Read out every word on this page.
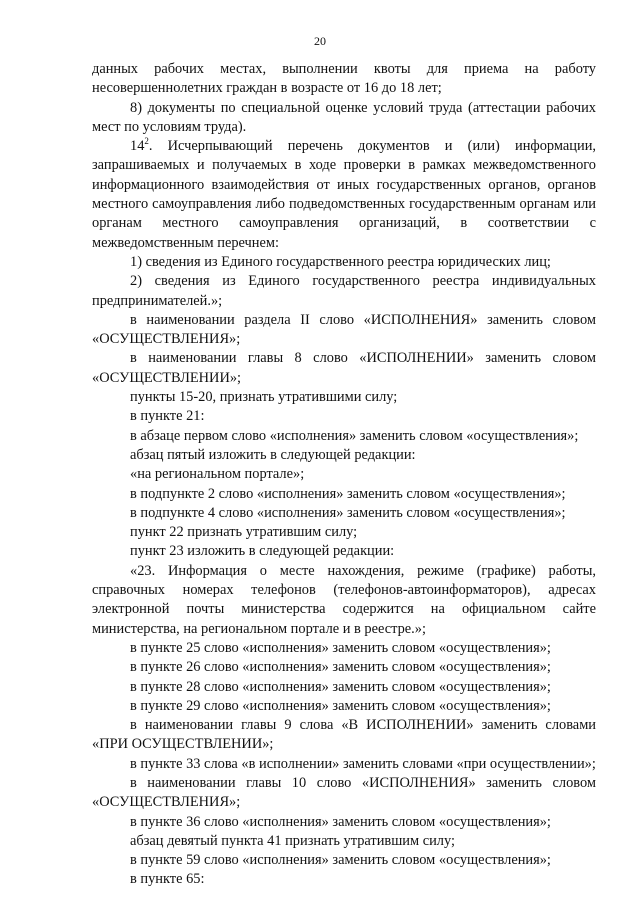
20

данных рабочих местах, выполнении квоты для приема на работу

несовершеннолетних граждан в возрасте от 16 до 18 лет;

8) документы по специальной оценке условий труда (аттестации рабочих мест по условиям труда).

$14^2$. Исчерпывающий перечень документов и (или) информации, запрашиваемых и получаемых в ходе проверки в рамках межведомственного информационного взаимодействия от иных государственных органов, органов местного самоуправления либо подведомственных государственным органам или органам местного самоуправления организаций, в соответствии с межведомственным перечнем:

1) сведения из Единого государственного реестра юридических лиц;

2) сведения из Единого государственного реестра индивидуальных предпринимателей.»;

в наименовании раздела II слово «ИСПОЛНЕНИЯ» заменить словом «ОСУЩЕСТВЛЕНИЯ»;

в наименовании главы 8 слово «ИСПОЛНЕНИИ» заменить словом «ОСУЩЕСТВЛЕНИИ»;

пункты 15-20, признать утратившими силу;

в пункте 21:

в абзаце первом слово «исполнения» заменить словом «осуществления»;

абзац пятый изложить в следующей редакции:

«на региональном портале»;

в подпункте 2 слово «исполнения» заменить словом «осуществления»;

в подпункте 4 слово «исполнения» заменить словом «осуществления»;

пункт 22 признать утратившим силу;

пункт 23 изложить в следующей редакции:

«23. Информация о месте нахождения, режиме (графике) работы, справочных номерах телефонов (телефонов-автоинформаторов), адресах электронной почты министерства содержится на официальном сайте министерства, на региональном портале и в реестре.»;

в пункте 25 слово «исполнения» заменить словом «осуществления»;

в пункте 26 слово «исполнения» заменить словом «осуществления»;

в пункте 28 слово «исполнения» заменить словом «осуществления»;

в пункте 29 слово «исполнения» заменить словом «осуществления»;

в наименовании главы 9 слова «В ИСПОЛНЕНИИ» заменить словами «ПРИ ОСУЩЕСТВЛЕНИИ»;

в пункте 33 слова «в исполнении» заменить словами «при осуществлении»;

в наименовании главы 10 слово «ИСПОЛНЕНИЯ» заменить словом «ОСУЩЕСТВЛЕНИЯ»;

в пункте 36 слово «исполнения» заменить словом «осуществления»;

абзац девятый пункта 41 признать утратившим силу;

в пункте 59 слово «исполнения» заменить словом «осуществления»;

в пункте 65:
